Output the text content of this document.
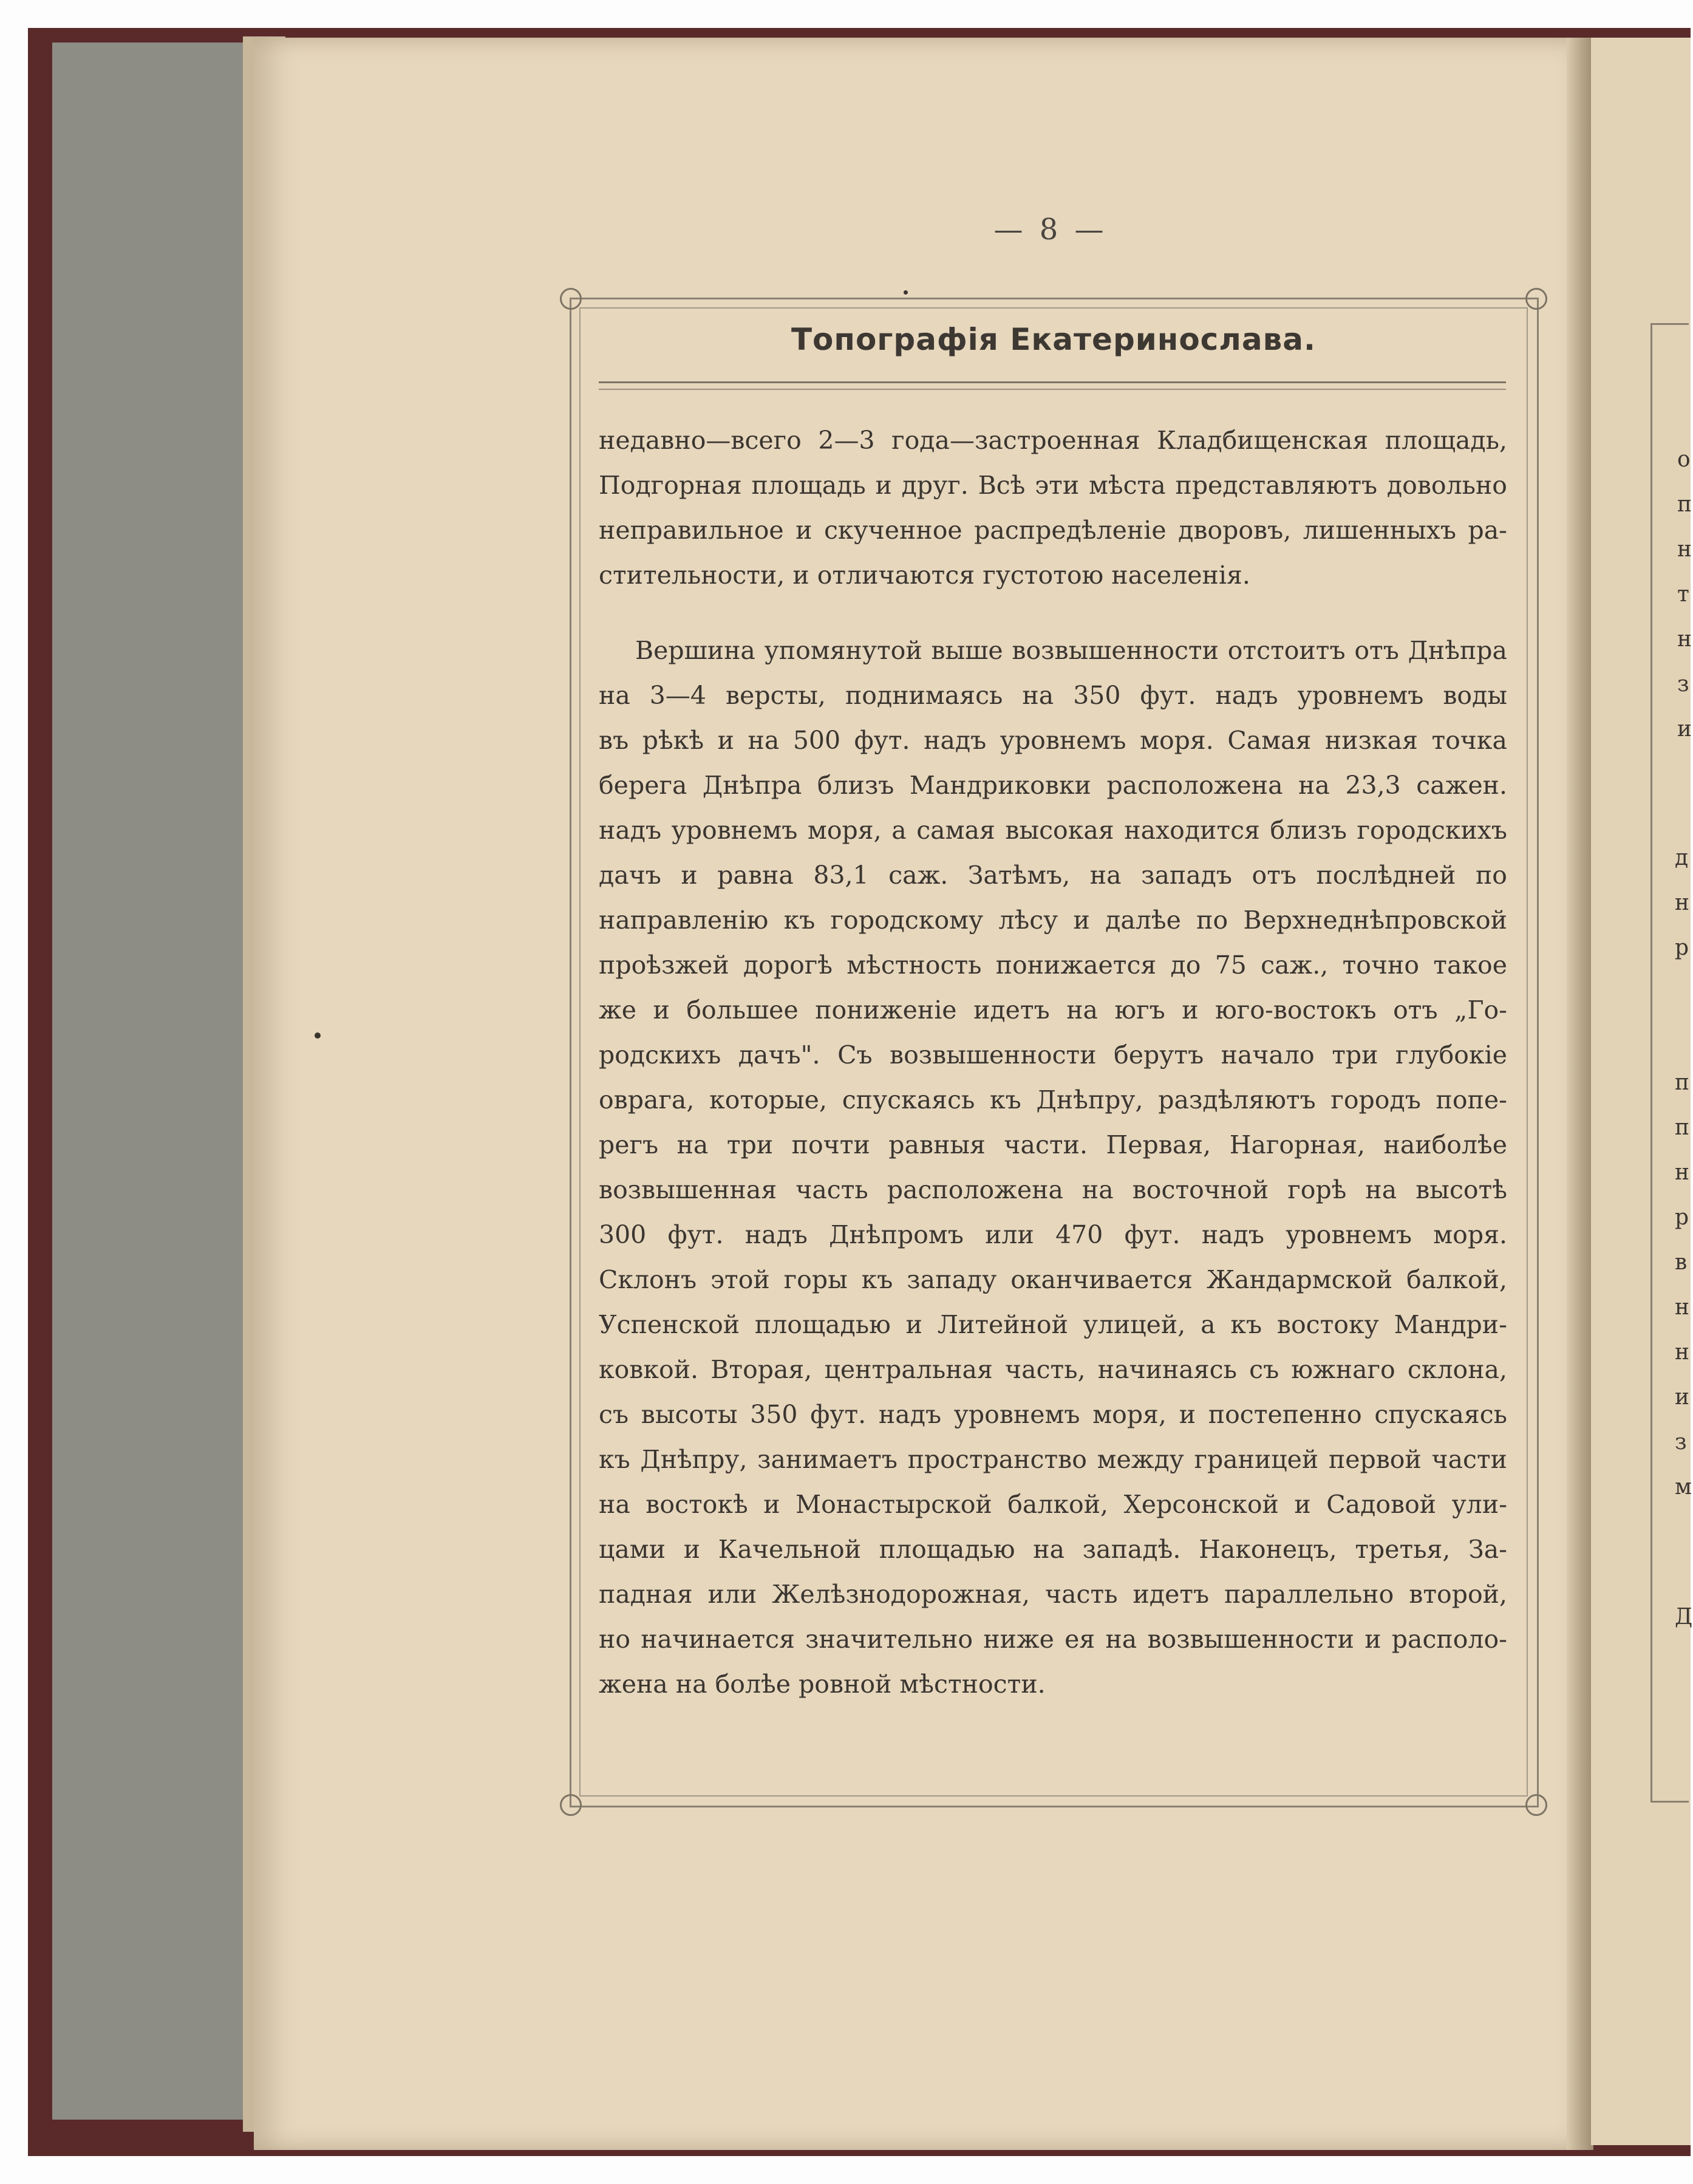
о
п
н
т
н
з
и
д
н
р
п
п
н
р
в
н
н
и
з
м
Д
— 8 —
Топографія Екатеринослава.
недавно—всего 2—3 года—застроенная Кладбищенская площадь,
Подгорная площадь и друг. Всѣ эти мѣста представляютъ довольно
неправильное и скученное распредѣленіе дворовъ, лишенныхъ ра-
стительности, и отличаются густотою населенія.
Вершина упомянутой выше возвышенности отстоитъ отъ Днѣпра
на 3—4 версты, поднимаясь на 350 фут. надъ уровнемъ воды
въ рѣкѣ и на 500 фут. надъ уровнемъ моря. Самая низкая точка
берега Днѣпра близъ Мандриковки расположена на 23,3 сажен.
надъ уровнемъ моря, а самая высокая находится близъ городскихъ
дачъ и равна 83,1 саж. Затѣмъ, на западъ отъ послѣдней по
направленію къ городскому лѣсу и далѣе по Верхнеднѣпровской
проѣзжей дорогѣ мѣстность понижается до 75 саж., точно такое
же и большее пониженіе идетъ на югъ и юго-востокъ отъ „Го-
родскихъ дачъ". Съ возвышенности берутъ начало три глубокіе
оврага, которые, спускаясь къ Днѣпру, раздѣляютъ городъ попе-
регъ на три почти равныя части. Первая, Нагорная, наиболѣе
возвышенная часть расположена на восточной горѣ на высотѣ
300 фут. надъ Днѣпромъ или 470 фут. надъ уровнемъ моря.
Склонъ этой горы къ западу оканчивается Жандармской балкой,
Успенской площадью и Литейной улицей, а къ востоку Мандри-
ковкой. Вторая, центральная часть, начинаясь съ южнаго склона,
съ высоты 350 фут. надъ уровнемъ моря, и постепенно спускаясь
къ Днѣпру, занимаетъ пространство между границей первой части
на востокѣ и Монастырской балкой, Херсонской и Садовой ули-
цами и Качельной площадью на западѣ. Наконецъ, третья, За-
падная или Желѣзнодорожная, часть идетъ параллельно второй,
но начинается значительно ниже ея на возвышенности и располо-
жена на болѣе ровной мѣстности.
